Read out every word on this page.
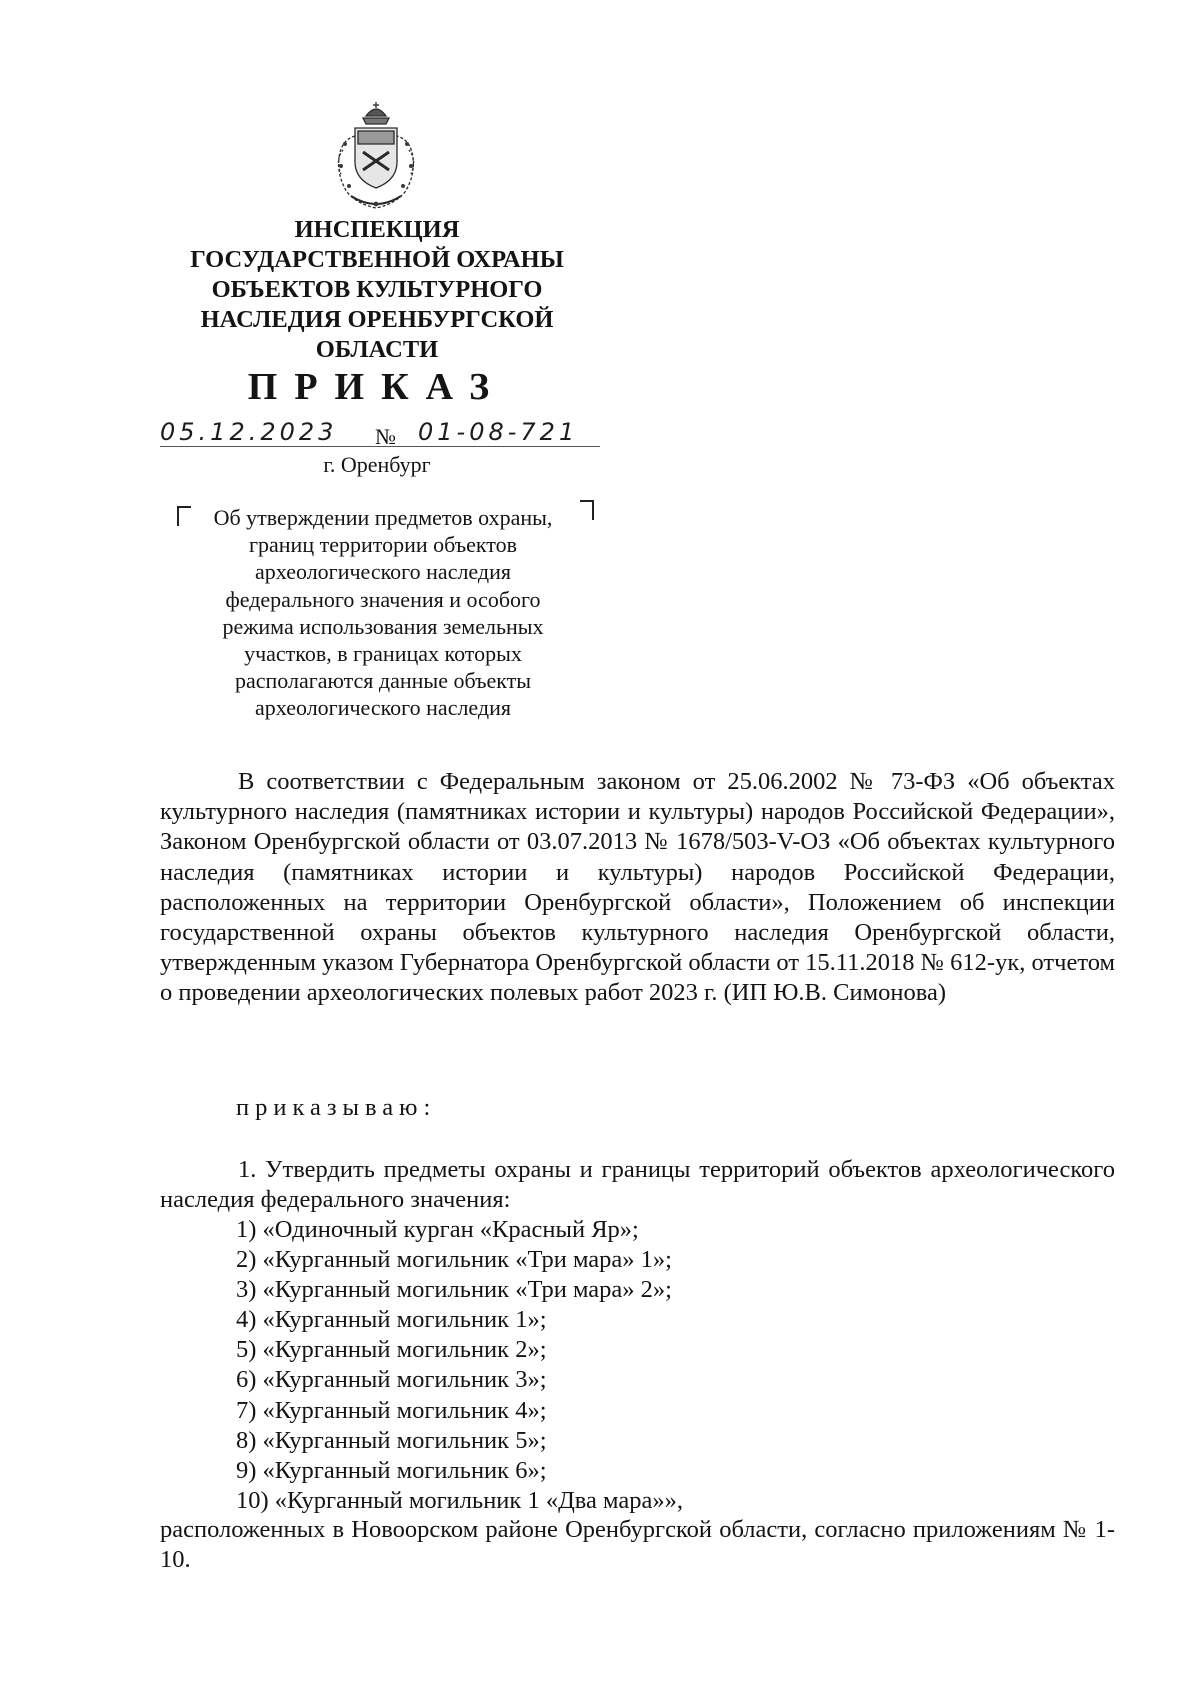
ИНСПЕКЦИЯ
ГОСУДАРСТВЕННОЙ ОХРАНЫ
ОБЪЕКТОВ КУЛЬТУРНОГО
НАСЛЕДИЯ ОРЕНБУРГСКОЙ
ОБЛАСТИ
ПРИКАЗ
05.12.2023 № 01-08-721
г. Оренбург
Об утверждении предметов охраны,
границ территории объектов
археологического наследия
федерального значения и особого
режима использования земельных
участков, в границах которых
располагаются данные объекты
археологического наследия
В соответствии с Федеральным законом от 25.06.2002 № 73-ФЗ «Об объектах культурного наследия (памятниках истории и культуры) народов Российской Федерации», Законом Оренбургской области от 03.07.2013 № 1678/503-V-ОЗ «Об объектах культурного наследия (памятниках истории и культуры) народов Российской Федерации, расположенных на территории Оренбургской области», Положением об инспекции государственной охраны объектов культурного наследия Оренбургской области, утвержденным указом Губернатора Оренбургской области от 15.11.2018 № 612-ук, отчетом о проведении археологических полевых работ 2023 г. (ИП Ю.В. Симонова)
приказываю:
1. Утвердить предметы охраны и границы территорий объектов археологического наследия федерального значения:
1) «Одиночный курган «Красный Яр»;
2) «Курганный могильник «Три мара» 1»;
3) «Курганный могильник «Три мара» 2»;
4) «Курганный могильник 1»;
5) «Курганный могильник 2»;
6) «Курганный могильник 3»;
7) «Курганный могильник 4»;
8) «Курганный могильник 5»;
9) «Курганный могильник 6»;
10) «Курганный могильник 1 «Два мара»»,
расположенных в Новоорском районе Оренбургской области, согласно приложениям № 1-10.
